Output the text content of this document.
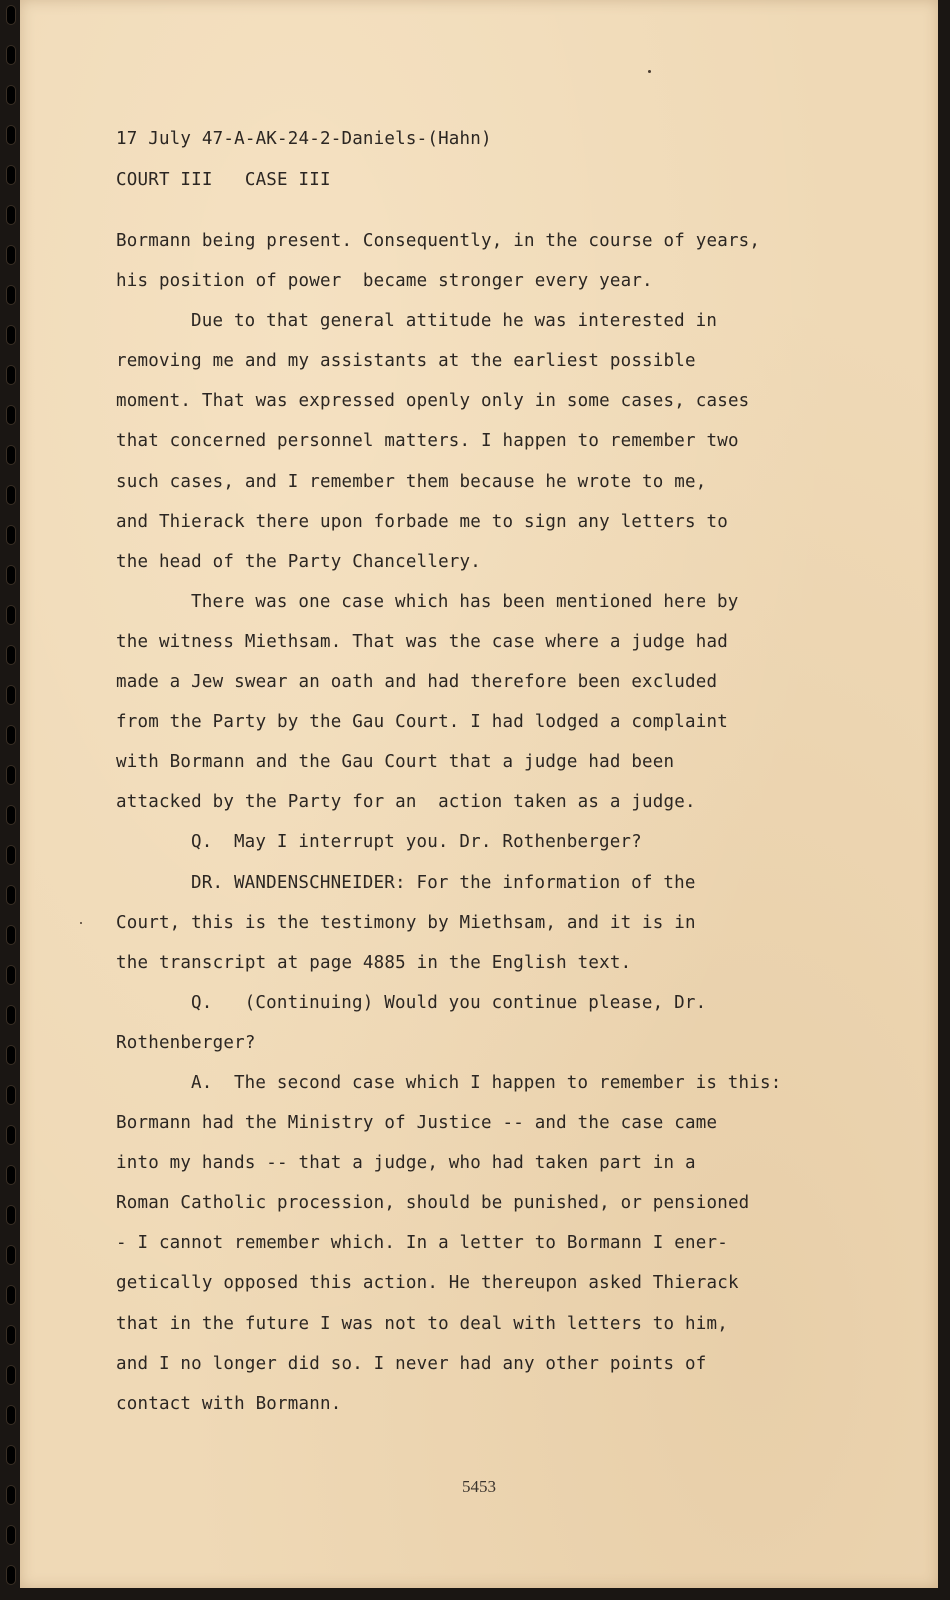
17 July 47-A-AK-24-2-Daniels-(Hahn)
COURT III   CASE III
Bormann being present. Consequently, in the course of years,
his position of power  became stronger every year.
Due to that general attitude he was interested in
removing me and my assistants at the earliest possible
moment. That was expressed openly only in some cases, cases
that concerned personnel matters. I happen to remember two
such cases, and I remember them because he wrote to me,
and Thierack there upon forbade me to sign any letters to
the head of the Party Chancellery.
There was one case which has been mentioned here by
the witness Miethsam. That was the case where a judge had
made a Jew swear an oath and had therefore been excluded
from the Party by the Gau Court. I had lodged a complaint
with Bormann and the Gau Court that a judge had been
attacked by the Party for an  action taken as a judge.
Q.  May I interrupt you. Dr. Rothenberger?
DR. WANDENSCHNEIDER: For the information of the
Court, this is the testimony by Miethsam, and it is in
the transcript at page 4885 in the English text.
Q.   (Continuing) Would you continue please, Dr.
Rothenberger?
A.  The second case which I happen to remember is this:
Bormann had the Ministry of Justice -- and the case came
into my hands -- that a judge, who had taken part in a
Roman Catholic procession, should be punished, or pensioned
- I cannot remember which. In a letter to Bormann I ener-
getically opposed this action. He thereupon asked Thierack
that in the future I was not to deal with letters to him,
and I no longer did so. I never had any other points of
contact with Bormann.
5453
